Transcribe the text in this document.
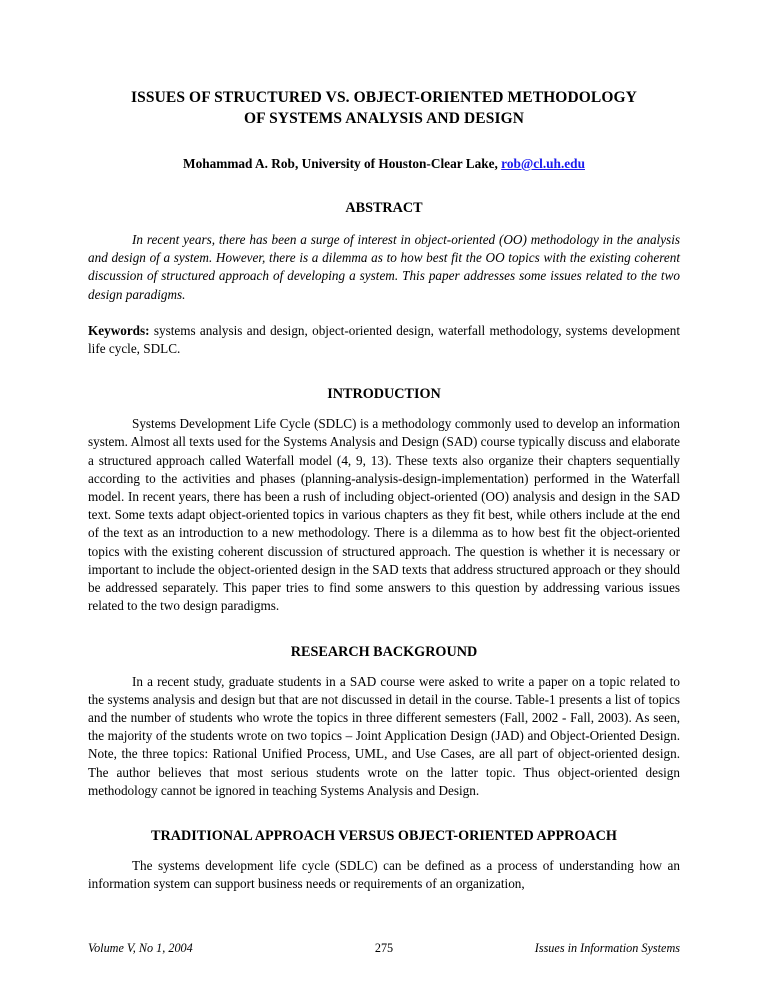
ISSUES OF STRUCTURED VS. OBJECT-ORIENTED METHODOLOGY
OF SYSTEMS ANALYSIS AND DESIGN
Mohammad A. Rob, University of Houston-Clear Lake, rob@cl.uh.edu
ABSTRACT
In recent years, there has been a surge of interest in object-oriented (OO) methodology in the analysis and design of a system. However, there is a dilemma as to how best fit the OO topics with the existing coherent discussion of structured approach of developing a system. This paper addresses some issues related to the two design paradigms.
Keywords: systems analysis and design, object-oriented design, waterfall methodology, systems development life cycle, SDLC.
INTRODUCTION
Systems Development Life Cycle (SDLC) is a methodology commonly used to develop an information system. Almost all texts used for the Systems Analysis and Design (SAD) course typically discuss and elaborate a structured approach called Waterfall model (4, 9, 13). These texts also organize their chapters sequentially according to the activities and phases (planning-analysis-design-implementation) performed in the Waterfall model. In recent years, there has been a rush of including object-oriented (OO) analysis and design in the SAD text. Some texts adapt object-oriented topics in various chapters as they fit best, while others include at the end of the text as an introduction to a new methodology. There is a dilemma as to how best fit the object-oriented topics with the existing coherent discussion of structured approach. The question is whether it is necessary or important to include the object-oriented design in the SAD texts that address structured approach or they should be addressed separately. This paper tries to find some answers to this question by addressing various issues related to the two design paradigms.
RESEARCH BACKGROUND
In a recent study, graduate students in a SAD course were asked to write a paper on a topic related to the systems analysis and design but that are not discussed in detail in the course. Table-1 presents a list of topics and the number of students who wrote the topics in three different semesters (Fall, 2002 - Fall, 2003). As seen, the majority of the students wrote on two topics – Joint Application Design (JAD) and Object-Oriented Design. Note, the three topics: Rational Unified Process, UML, and Use Cases, are all part of object-oriented design. The author believes that most serious students wrote on the latter topic. Thus object-oriented design methodology cannot be ignored in teaching Systems Analysis and Design.
TRADITIONAL APPROACH VERSUS OBJECT-ORIENTED APPROACH
The systems development life cycle (SDLC) can be defined as a process of understanding how an information system can support business needs or requirements of an organization,
Volume V, No 1, 2004	275	Issues in Information Systems
